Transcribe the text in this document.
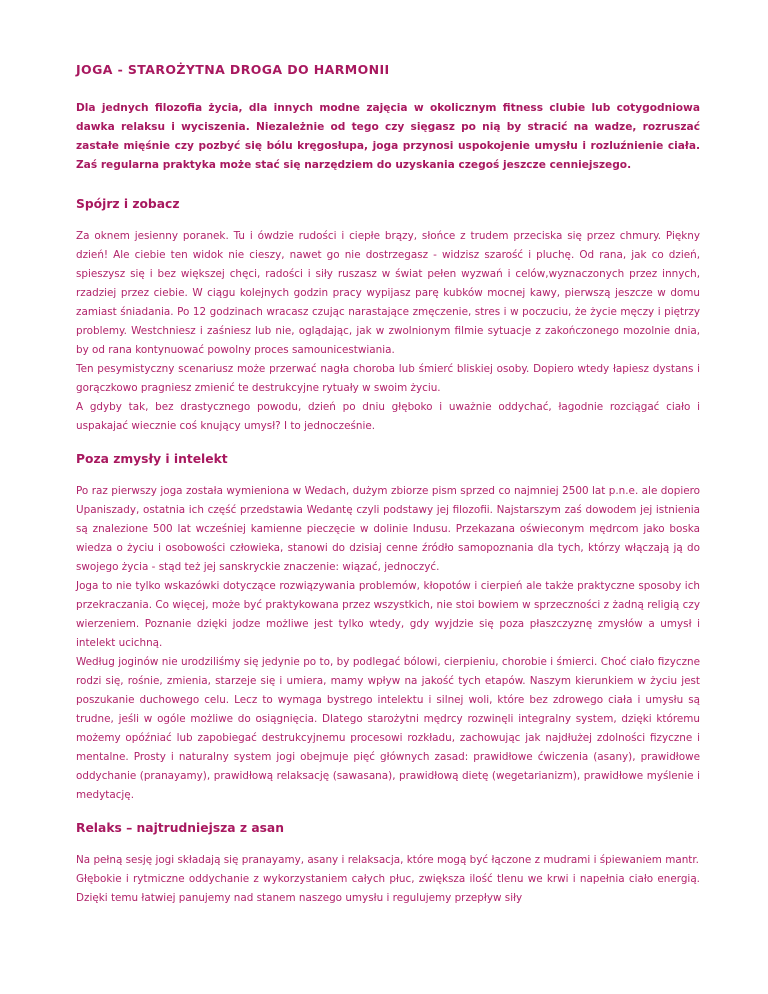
JOGA - STAROŻYTNA DROGA DO HARMONII

Dla jednych filozofia życia, dla innych modne zajęcia w okolicznym fitness clubie lub cotygodniowa dawka relaksu i wyciszenia. Niezależnie od tego czy sięgasz po nią by stracić na wadze, rozruszać zastałe mięśnie czy pozbyć się bólu kręgosłupa, joga przynosi uspokojenie umysłu i rozluźnienie ciała. Zaś regularna praktyka może stać się narzędziem do uzyskania czegoś jeszcze cenniejszego.

Spójrz i zobacz

Za oknem jesienny poranek. Tu i ówdzie rudości i ciepłe brązy, słońce z trudem przeciska się przez chmury. Piękny dzień! Ale ciebie ten widok nie cieszy, nawet go nie dostrzegasz - widzisz szarość i pluchę. Od rana, jak co dzień, spieszysz się i bez większej chęci, radości i siły ruszasz w świat pełen wyzwań i celów,wyznaczonych przez innych, rzadziej przez ciebie. W ciągu kolejnych godzin pracy wypijasz parę kubków mocnej kawy, pierwszą jeszcze w domu zamiast śniadania. Po 12 godzinach wracasz czując narastające zmęczenie, stres i w poczuciu, że życie męczy i piętrzy problemy. Westchniesz i zaśniesz lub nie, oglądając, jak w zwolnionym filmie sytuacje z zakończonego mozolnie dnia, by od rana kontynuować powolny proces samounicestwiania.

Ten pesymistyczny scenariusz może przerwać nagła choroba lub śmierć bliskiej osoby. Dopiero wtedy łapiesz dystans i gorączkowo pragniesz zmienić te destrukcyjne rytuały w swoim życiu.

A gdyby tak, bez drastycznego powodu, dzień po dniu głęboko i uważnie oddychać, łagodnie rozciągać ciało i uspakajać wiecznie coś knujący umysł? I to jednocześnie.

Poza zmysły i intelekt

Po raz pierwszy joga została wymieniona w Wedach, dużym zbiorze pism sprzed co najmniej 2500 lat p.n.e. ale dopiero Upaniszady, ostatnia ich część przedstawia Wedantę czyli podstawy jej filozofii. Najstarszym zaś dowodem jej istnienia są znalezione 500 lat wcześniej kamienne pieczęcie w dolinie Indusu. Przekazana oświeconym mędrcom jako boska wiedza o życiu i osobowości człowieka, stanowi do dzisiaj cenne źródło samopoznania dla tych, którzy włączają ją do swojego życia - stąd też jej sanskryckie znaczenie: wiązać, jednoczyć.

Joga to nie tylko wskazówki dotyczące rozwiązywania problemów, kłopotów i cierpień ale także praktyczne sposoby ich przekraczania. Co więcej, może być praktykowana przez wszystkich, nie stoi bowiem w sprzeczności z żadną religią czy wierzeniem. Poznanie dzięki jodze możliwe jest tylko wtedy, gdy wyjdzie się poza płaszczyznę zmysłów a umysł i intelekt ucichną.

Według joginów nie urodziliśmy się jedynie po to, by podlegać bólowi, cierpieniu, chorobie i śmierci. Choć ciało fizyczne rodzi się, rośnie, zmienia, starzeje się i umiera, mamy wpływ na jakość tych etapów. Naszym kierunkiem w życiu jest poszukanie duchowego celu. Lecz to wymaga bystrego intelektu i silnej woli, które bez zdrowego ciała i umysłu są trudne, jeśli w ogóle możliwe do osiągnięcia. Dlatego starożytni mędrcy rozwinęli integralny system, dzięki któremu możemy opóźniać lub zapobiegać destrukcyjnemu procesowi rozkładu, zachowując jak najdłużej zdolności fizyczne i mentalne. Prosty i naturalny system jogi obejmuje pięć głównych zasad: prawidłowe ćwiczenia (asany), prawidłowe oddychanie (pranayamy), prawidłową relaksację (sawasana), prawidłową dietę (wegetarianizm), prawidłowe myślenie i medytację.

Relaks – najtrudniejsza z asan

Na pełną sesję jogi składają się pranayamy, asany i relaksacja, które mogą być łączone z mudrami i śpiewaniem mantr.

Głębokie i rytmiczne oddychanie z wykorzystaniem całych płuc, zwiększa ilość tlenu we krwi i napełnia ciało energią. Dzięki temu łatwiej panujemy nad stanem naszego umysłu i regulujemy przepływ siły
